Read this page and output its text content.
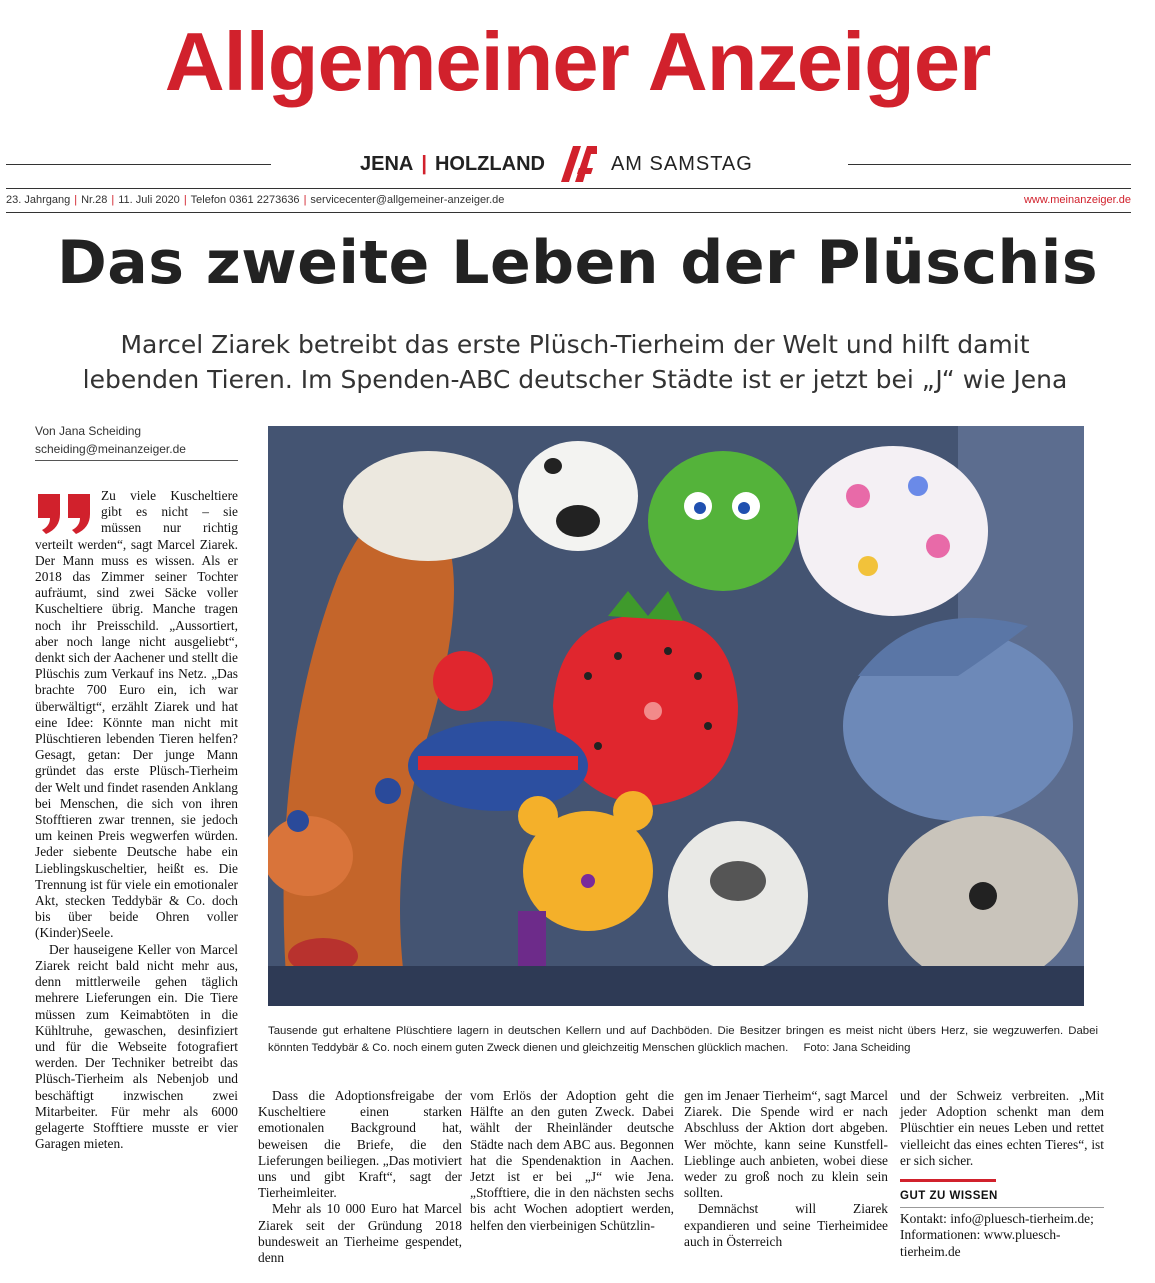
Allgemeiner Anzeiger
JENA | HOLZLAND	AM SAMSTAG
23. Jahrgang | Nr.28 | 11. Juli 2020 | Telefon 0361 2273636 | servicecenter@allgemeiner-anzeiger.de	www.meinanzeiger.de
Das zweite Leben der Plüschis
Marcel Ziarek betreibt das erste Plüsch-Tierheim der Welt und hilft damit
lebenden Tieren. Im Spenden-ABC deutscher Städte ist er jetzt bei „J“ wie Jena
Von Jana Scheiding
scheiding@meinanzeiger.de

Zu viele Kuscheltiere gibt es nicht – sie müssen nur richtig verteilt werden“, sagt Marcel Ziarek. Der Mann muss es wissen. Als er 2018 das Zimmer seiner Tochter aufräumt, sind zwei Säcke voller Kuscheltiere übrig. Manche tragen noch ihr Preisschild. „Aussortiert, aber noch lange nicht ausgeliebt“, denkt sich der Aachener und stellt die Plüschis zum Verkauf ins Netz. „Das brachte 700 Euro ein, ich war überwältigt“, erzählt Ziarek und hat eine Idee: Könnte man nicht mit Plüschtieren lebenden Tieren helfen? Gesagt, getan: Der junge Mann gründet das erste Plüsch-Tierheim der Welt und findet rasenden Anklang bei Menschen, die sich von ihren Stofftieren zwar trennen, sie jedoch um keinen Preis wegwerfen würden. Jeder siebente Deutsche habe ein Lieblingskuscheltier, heißt es. Die Trennung ist für viele ein emotionaler Akt, stecken Teddybär & Co. doch bis über beide Ohren voller (Kinder)Seele.

Der hauseigene Keller von Marcel Ziarek reicht bald nicht mehr aus, denn mittlerweile gehen täglich mehrere Lieferungen ein. Die Tiere müssen zum Keimabtöten in die Kühltruhe, gewaschen, desinfiziert und für die Webseite fotografiert werden. Der Techniker betreibt das Plüsch-Tierheim als Nebenjob und beschäftigt inzwischen zwei Mitarbeiter. Für mehr als 6000 gelagerte Stofftiere musste er vier Garagen mieten.

Tausende gut erhaltene Plüschtiere lagern in deutschen Kellern und auf Dachböden. Die Besitzer bringen es meist nicht übers Herz, sie wegzuwerfen. Dabei könnten Teddybär & Co. noch einem guten Zweck dienen und gleichzeitig Menschen glücklich machen. Foto: Jana Scheiding

Dass die Adoptionsfreigabe der Kuscheltiere einen starken emotionalen Background hat, beweisen die Briefe, die den Lieferungen beiliegen. „Das motiviert uns und gibt Kraft“, sagt der Tierheimleiter.

Mehr als 10 000 Euro hat Marcel Ziarek seit der Gründung 2018 bundesweit an Tierheime gespendet, denn

vom Erlös der Adoption geht die Hälfte an den guten Zweck. Dabei wählt der Rheinländer deutsche Städte nach dem ABC aus. Begonnen hat die Spendenaktion in Aachen. Jetzt ist er bei „J“ wie Jena. „Stofftiere, die in den nächsten sechs bis acht Wochen adoptiert werden, helfen den vierbeinigen Schützlin-

gen im Jenaer Tierheim“, sagt Marcel Ziarek. Die Spende wird er nach Abschluss der Aktion dort abgeben. Wer möchte, kann seine Kunstfell-Lieblinge auch anbieten, wobei diese weder zu groß noch zu klein sein sollten.

Demnächst will Ziarek expandieren und seine Tierheimidee auch in Österreich

und der Schweiz verbreiten. „Mit jeder Adoption schenkt man dem Plüschtier ein neues Leben und rettet vielleicht das eines echten Tieres“, ist er sich sicher.

GUT ZU WISSEN

Kontakt: info@pluesch-tierheim.de; Informationen: www.pluesch-tierheim.de
